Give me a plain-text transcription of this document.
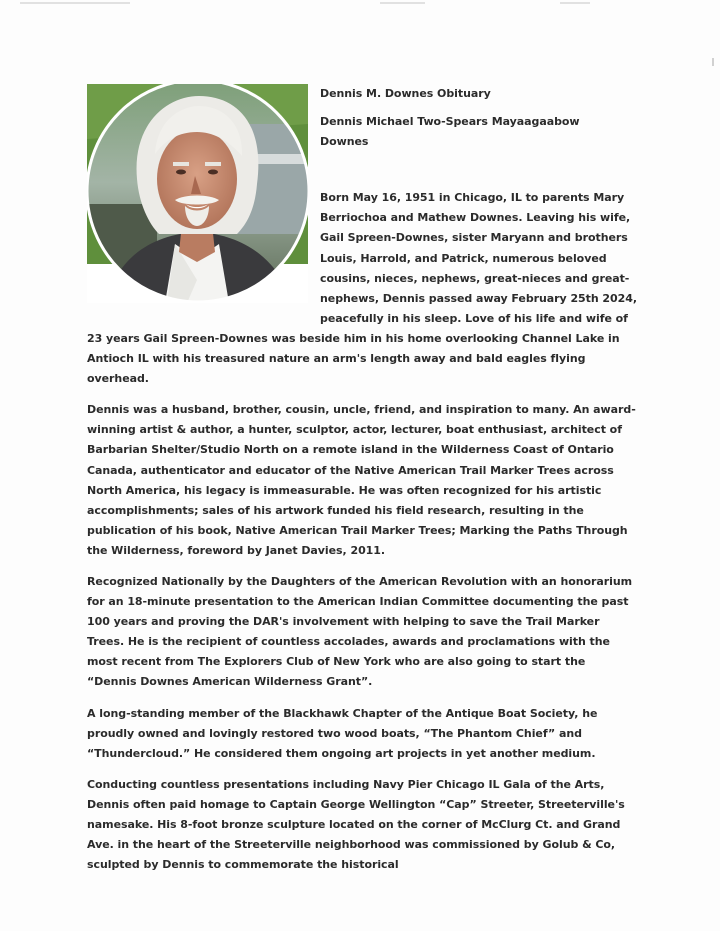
Dennis M. Downes Obituary
Dennis Michael Two-Spears Mayaagaabow Downes

Born May 16, 1951 in Chicago, IL to parents Mary Berriochoa and Mathew Downes. Leaving his wife, Gail Spreen-Downes, sister Maryann and brothers Louis, Harrold, and Patrick, numerous beloved cousins, nieces, nephews, great-nieces and great-nephews, Dennis passed away February 25th 2024, peacefully in his sleep. Love of his life and wife of 23 years Gail Spreen-Downes was beside him in his home overlooking Channel Lake in Antioch IL with his treasured nature an arm's length away and bald eagles flying overhead.

Dennis was a husband, brother, cousin, uncle, friend, and inspiration to many. An award-winning artist & author, a hunter, sculptor, actor, lecturer, boat enthusiast, architect of Barbarian Shelter/Studio North on a remote island in the Wilderness Coast of Ontario Canada, authenticator and educator of the Native American Trail Marker Trees across North America, his legacy is immeasurable. He was often recognized for his artistic accomplishments; sales of his artwork funded his field research, resulting in the publication of his book, Native American Trail Marker Trees; Marking the Paths Through the Wilderness, foreword by Janet Davies, 2011.

Recognized Nationally by the Daughters of the American Revolution with an honorarium for an 18-minute presentation to the American Indian Committee documenting the past 100 years and proving the DAR's involvement with helping to save the Trail Marker Trees. He is the recipient of countless accolades, awards and proclamations with the most recent from The Explorers Club of New York who are also going to start the “Dennis Downes American Wilderness Grant”.

A long-standing member of the Blackhawk Chapter of the Antique Boat Society, he proudly owned and lovingly restored two wood boats, “The Phantom Chief” and “Thundercloud.” He considered them ongoing art projects in yet another medium.

Conducting countless presentations including Navy Pier Chicago IL Gala of the Arts, Dennis often paid homage to Captain George Wellington “Cap” Streeter, Streeterville's namesake. His 8-foot bronze sculpture located on the corner of McClurg Ct. and Grand Ave. in the heart of the Streeterville neighborhood was commissioned by Golub & Co, sculpted by Dennis to commemorate the historical
